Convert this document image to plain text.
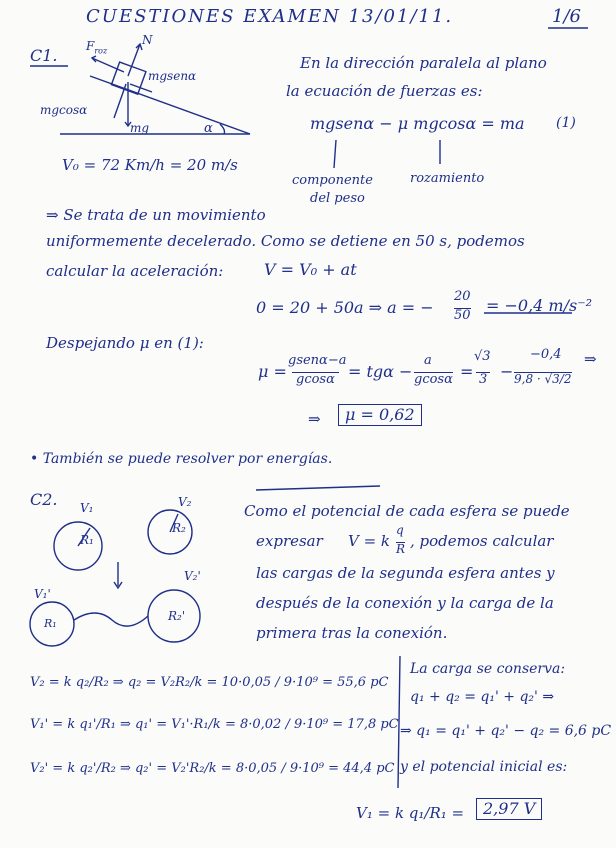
CUESTIONES EXAMEN 13/01/11.	1/6
C1. $F_{roz}$
N
mgsenα
mgcosα
mg	α
V₀ = 72 Km/h = 20 m/s
En la dirección paralela al plano
la ecuación de fuerzas es:
mgsenα − μ mgcosα = ma (1)
componente
del peso
rozamiento
⇒ Se trata de un movimiento
uniformemente decelerado. Como se detiene en 50 s, podemos
calcular la aceleración:	V = V₀ + at
0 = 20 + 50a ⇒ a = −
20
50
= −0,4 m/s⁻²
Despejando μ en (1):
μ =
gsenα−a
gcosα = tgα −
a
gcosα =
√3
3 −
−0,4
9,8 · √3/2
⇒
⇒	μ = 0,62
• También se puede resolver por energías.
C2. V₁	V₂
R₁
R₂
V₁'
V₂'
R₁
R₂'
Como el potencial de cada esfera se puede
expresar V = k
q
R , podemos calcular
las cargas de la segunda esfera antes y
después de la conexión y la carga de la
primera tras la conexión.
V₂ = k q₂/R₂ ⇒ q₂ = V₂R₂/k = 10·0,05 / 9·10⁹ = 55,6 pC
V₁' = k q₁'/R₁ ⇒ q₁' = V₁'·R₁/k = 8·0,02 / 9·10⁹ = 17,8 pC
V₂' = k q₂'/R₂ ⇒ q₂' = V₂'R₂/k = 8·0,05 / 9·10⁹ = 44,4 pC
La carga se conserva:
q₁ + q₂ = q₁' + q₂' ⇒
⇒ q₁ = q₁' + q₂' − q₂ = 6,6 pC
y el potencial inicial es:
V₁ = k q₁/R₁ =	2,97 V
